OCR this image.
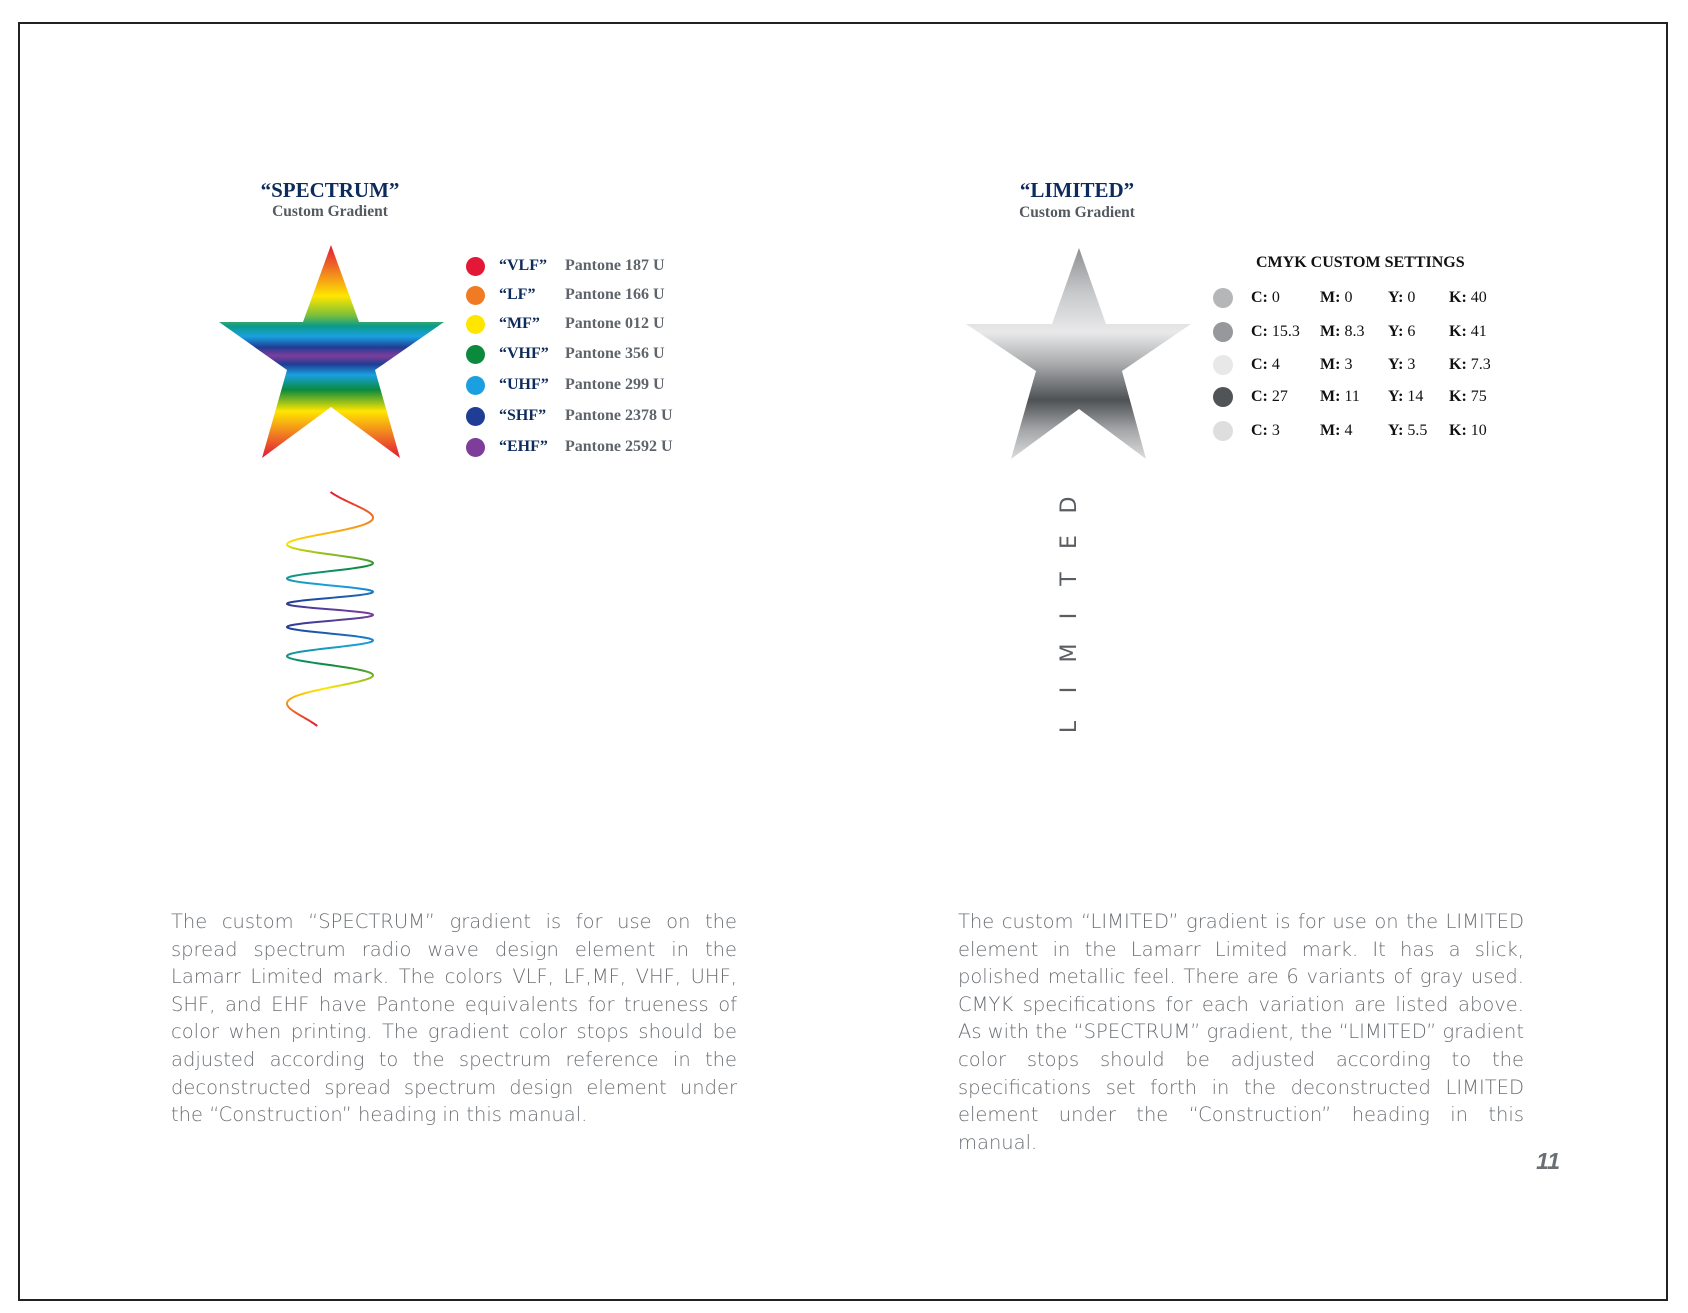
“SPECTRUM”
Custom Gradient
“VLF”	Pantone 187 U
“LF”	Pantone 166 U
“MF”	Pantone 012 U
“VHF”	Pantone 356 U
“UHF”	Pantone 299 U
“SHF”	Pantone 2378 U
“EHF”	Pantone 2592 U

The custom “SPECTRUM” gradient is for use on the spread spectrum radio wave design element in the Lamarr Limited mark. The colors VLF, LF,MF, VHF, UHF, SHF, and EHF have Pantone equivalents for trueness of color when printing. The gradient color stops should be adjusted according to the spectrum reference in the deconstructed spread spectrum design element under the “Construction” heading in this manual.

“LIMITED”
Custom Gradient
CMYK CUSTOM SETTINGS
C: 0	M: 0	Y: 0	K: 40
C: 15.3	M: 8.3	Y: 6	K: 41
C: 4	M: 3	Y: 3	K: 7.3
C: 27	M: 11	Y: 14	K: 75
C: 3	M: 4	Y: 5.5	K: 10
D
E
T
I
M
I
L

The custom “LIMITED” gradient is for use on the LIMITED element in the Lamarr Limited mark. It has a slick, polished metallic feel. There are 6 variants of gray used. CMYK specifications for each variation are listed above. As with the “SPECTRUM” gradient, the “LIMITED” gradient color stops should be adjusted according to the specifications set forth in the deconstructed LIMITED element under the “Construction” heading in this manual.

11
